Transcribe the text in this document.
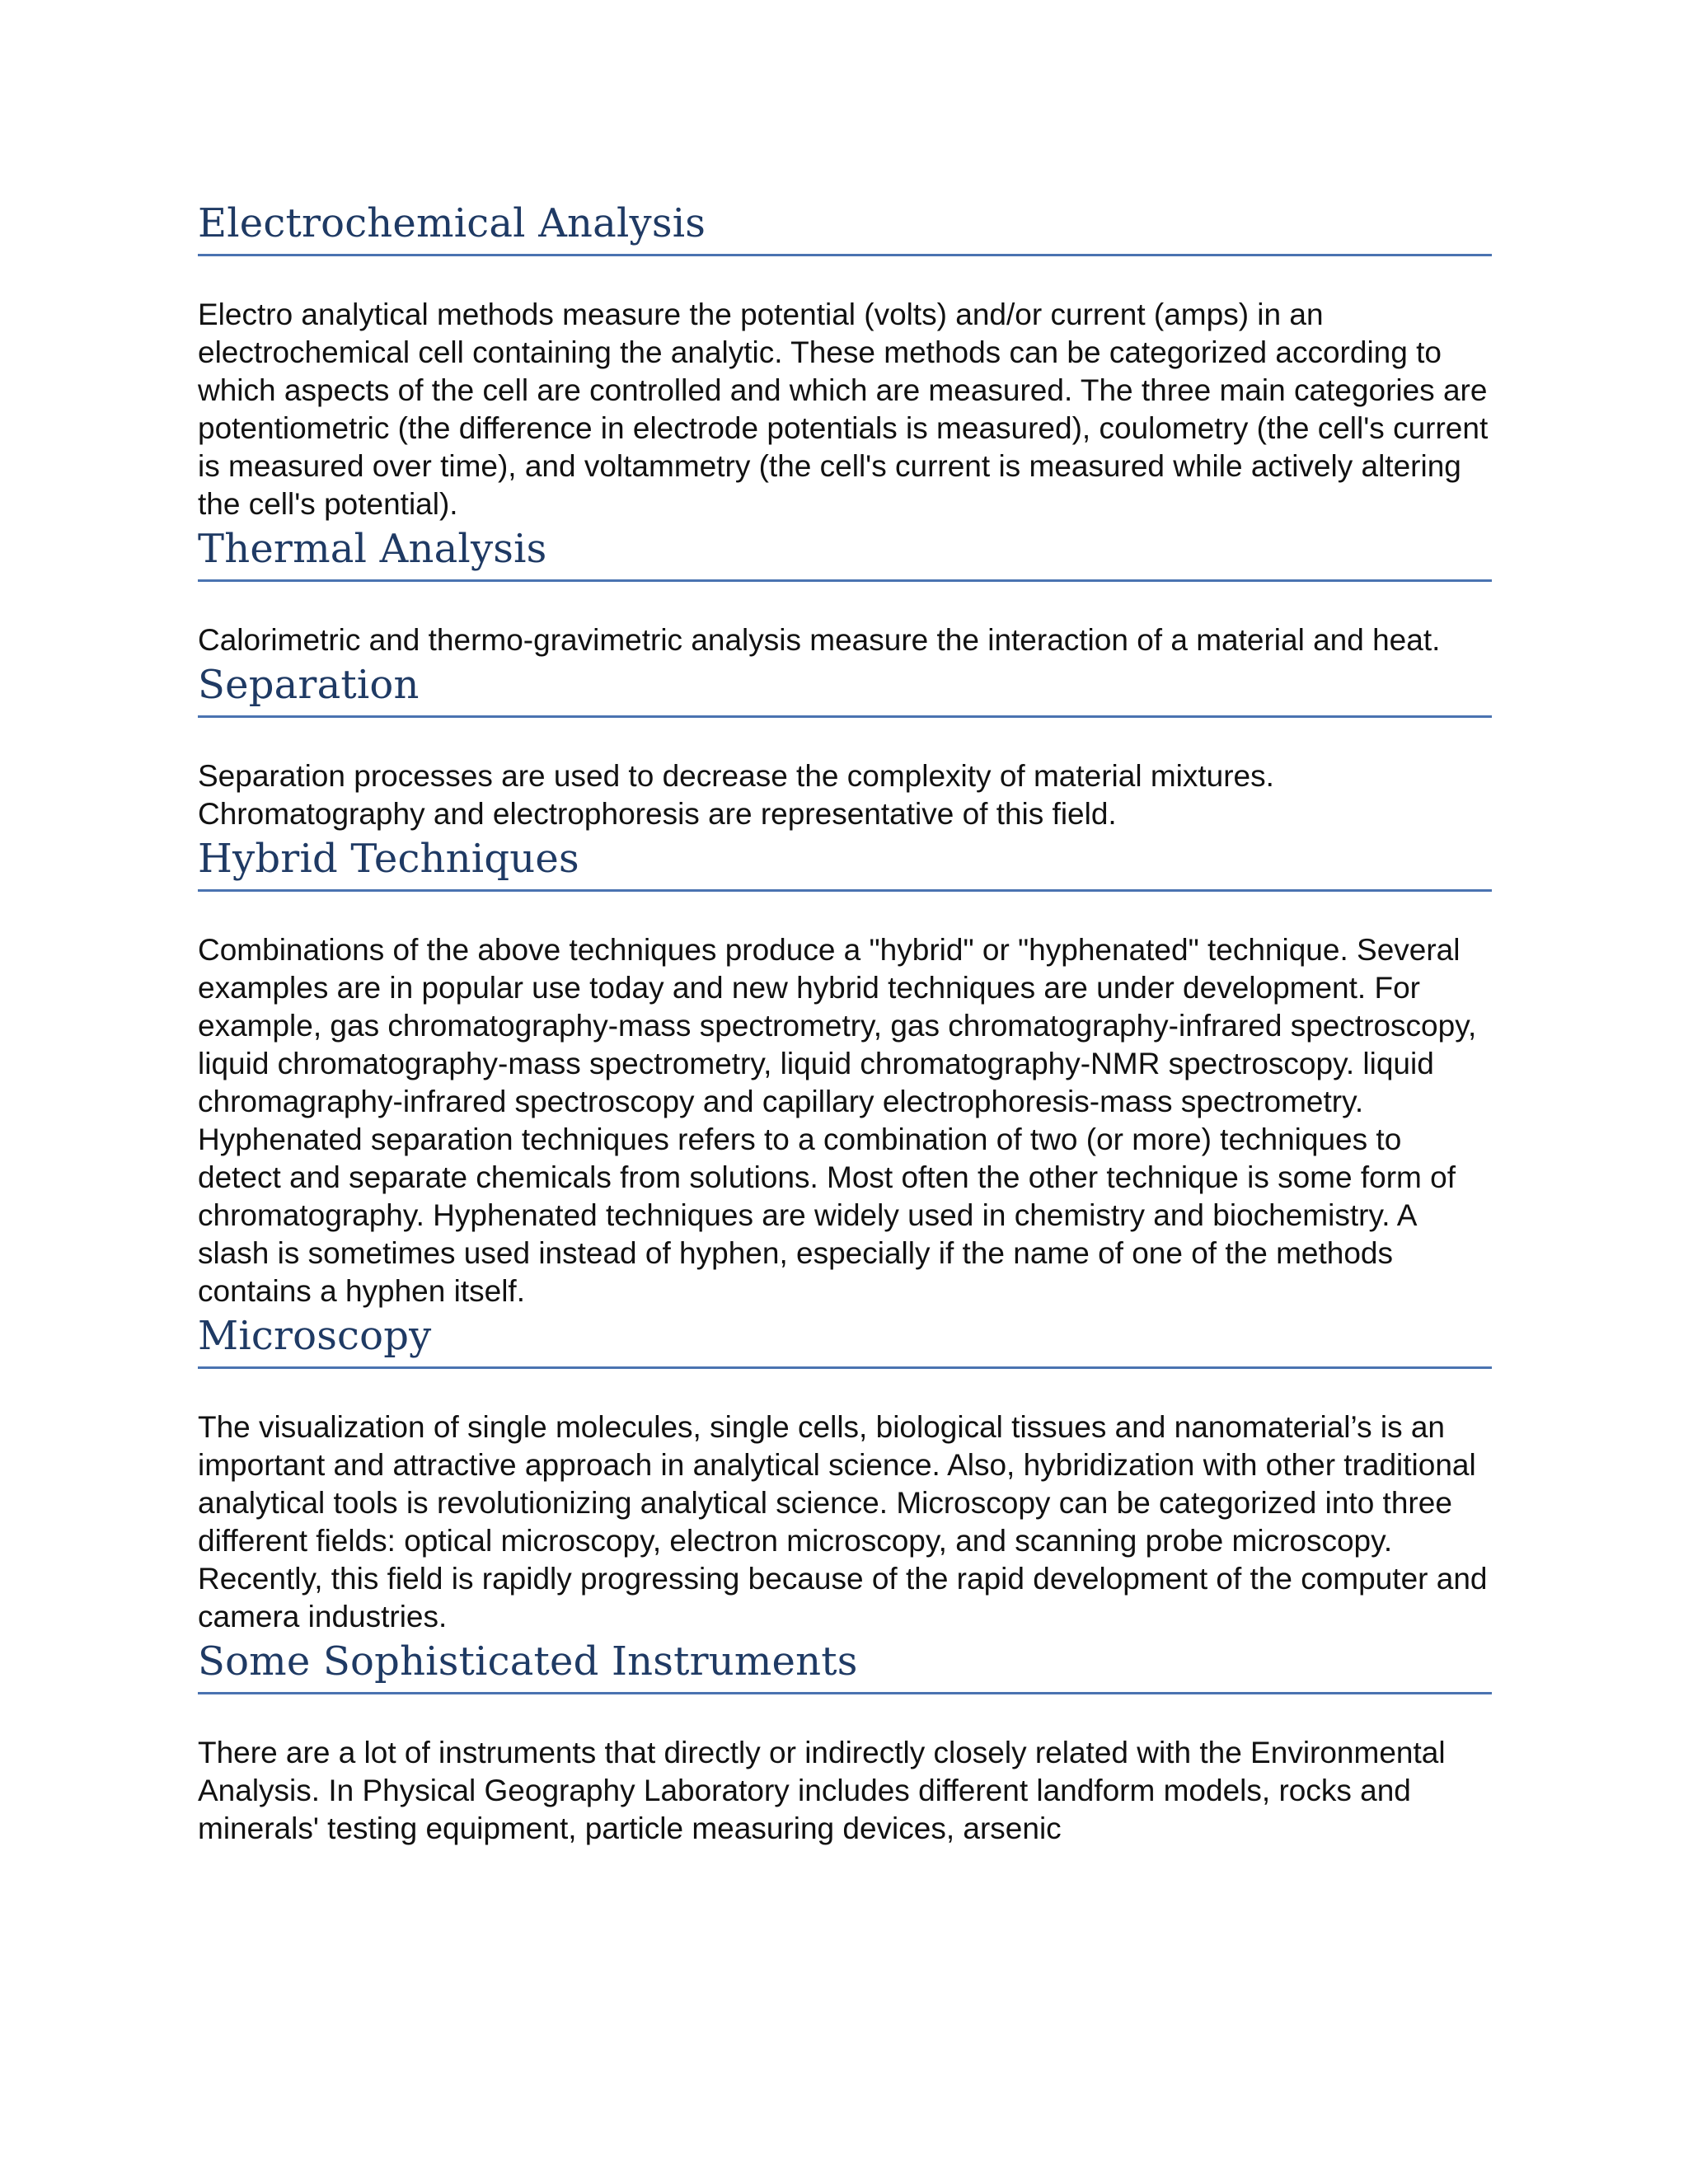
Electrochemical Analysis

Electro analytical methods measure the potential (volts) and/or current (amps) in an electrochemical cell containing the analytic. These methods can be categorized according to which aspects of the cell are controlled and which are measured. The three main categories are potentiometric (the difference in electrode potentials is measured), coulometry (the cell's current is measured over time), and voltammetry (the cell's current is measured while actively altering the cell's potential).

Thermal Analysis

Calorimetric and thermo-gravimetric analysis measure the interaction of a material and heat.

Separation

Separation processes are used to decrease the complexity of material mixtures. Chromatography and electrophoresis are representative of this field.

Hybrid Techniques

Combinations of the above techniques produce a "hybrid" or "hyphenated" technique. Several examples are in popular use today and new hybrid techniques are under development. For example, gas chromatography-mass spectrometry, gas chromatography-infrared spectroscopy, liquid chromatography-mass spectrometry, liquid chromatography-NMR spectroscopy. liquid chromagraphy-infrared spectroscopy and capillary electrophoresis-mass spectrometry.

Hyphenated separation techniques refers to a combination of two (or more) techniques to detect and separate chemicals from solutions. Most often the other technique is some form of chromatography. Hyphenated techniques are widely used in chemistry and biochemistry. A slash is sometimes used instead of hyphen, especially if the name of one of the methods contains a hyphen itself.

Microscopy

The visualization of single molecules, single cells, biological tissues and nanomaterial’s is an important and attractive approach in analytical science. Also, hybridization with other traditional analytical tools is revolutionizing analytical science. Microscopy can be categorized into three different fields: optical microscopy, electron microscopy, and scanning probe microscopy. Recently, this field is rapidly progressing because of the rapid development of the computer and camera industries.

Some Sophisticated Instruments

There are a lot of instruments that directly or indirectly closely related with the Environmental Analysis. In Physical Geography Laboratory includes different landform models, rocks and minerals' testing equipment, particle measuring devices, arsenic
